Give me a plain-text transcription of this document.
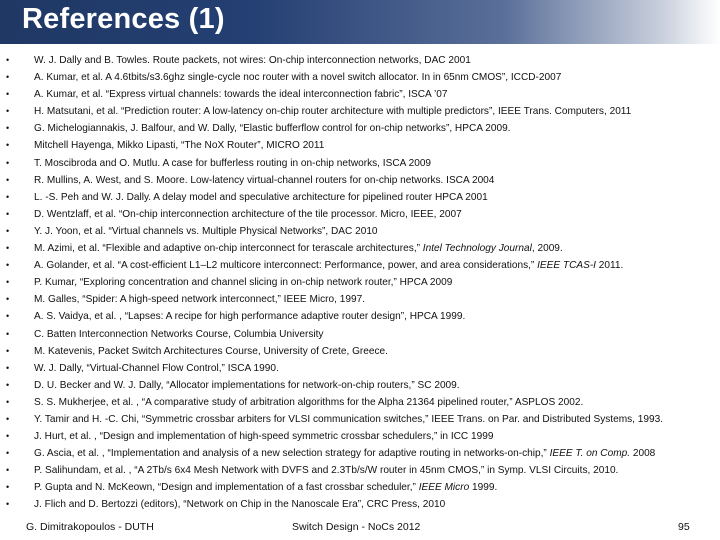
References (1)
• W. J. Dally and B. Towles. Route packets, not wires: On-chip interconnection networks, DAC 2001
• A. Kumar, et al. A 4.6tbits/s3.6ghz single-cycle noc router with a novel switch allocator. In in 65nm CMOS”, ICCD-2007
• A. Kumar, et al. “Express virtual channels: towards the ideal interconnection fabric”, ISCA ’07
• H. Matsutani, et al. “Prediction router: A low-latency on-chip router architecture with multiple predictors”, IEEE Trans. Computers, 2011
• G. Michelogiannakis, J. Balfour, and W. Dally, “Elastic bufferflow control for on-chip networks”, HPCA 2009.
• Mitchell Hayenga, Mikko Lipasti, “The NoX Router”, MICRO 2011
• T. Moscibroda and O. Mutlu. A case for bufferless routing in on-chip networks, ISCA 2009
• R. Mullins, A. West, and S. Moore. Low-latency virtual-channel routers for on-chip networks. ISCA 2004
• L. -S. Peh and W. J. Dally. A delay model and speculative architecture for pipelined router HPCA 2001
• D. Wentzlaff, et al. “On-chip interconnection architecture of the tile processor. Micro, IEEE, 2007
• Y. J. Yoon, et al. “Virtual channels vs. Multiple Physical Networks”, DAC 2010
• M. Azimi, et al. “Flexible and adaptive on-chip interconnect for terascale architectures,” Intel Technology Journal, 2009.
• A. Golander, et al. “A cost-efficient L1–L2 multicore interconnect: Performance, power, and area considerations,” IEEE TCAS-I 2011.
• P. Kumar, “Exploring concentration and channel slicing in on-chip network router,” HPCA 2009
• M. Galles, “Spider: A high-speed network interconnect,” IEEE Micro, 1997.
• A. S. Vaidya, et al. , “Lapses: A recipe for high performance adaptive router design”, HPCA 1999.
• C. Batten Interconnection Networks Course, Columbia University
• M. Katevenis, Packet Switch Architectures Course, University of Crete, Greece.
• W. J. Dally, “Virtual-Channel Flow Control,” ISCA 1990.
• D. U. Becker and W. J. Dally, “Allocator implementations for network-on-chip routers,” SC 2009.
• S. S. Mukherjee, et al. , “A comparative study of arbitration algorithms for the Alpha 21364 pipelined router,” ASPLOS 2002.
• Y. Tamir and H. -C. Chi, “Symmetric crossbar arbiters for VLSI communication switches,” IEEE Trans. on Par. and Distributed Systems, 1993.
• J. Hurt, et al. , “Design and implementation of high-speed symmetric crossbar schedulers,” in ICC 1999
• G. Ascia, et al. , “Implementation and analysis of a new selection strategy for adaptive routing in networks-on-chip,” IEEE T. on Comp. 2008
• P. Salihundam, et al. , “A 2Tb/s 6x4 Mesh Network with DVFS and 2.3Tb/s/W router in 45nm CMOS,” in Symp. VLSI Circuits, 2010.
• P. Gupta and N. McKeown, “Design and implementation of a fast crossbar scheduler,” IEEE Micro 1999.
• J. Flich and D. Bertozzi (editors), “Network on Chip in the Nanoscale Era”, CRC Press, 2010
G. Dimitrakopoulos - DUTH	Switch Design - NoCs 2012	95
